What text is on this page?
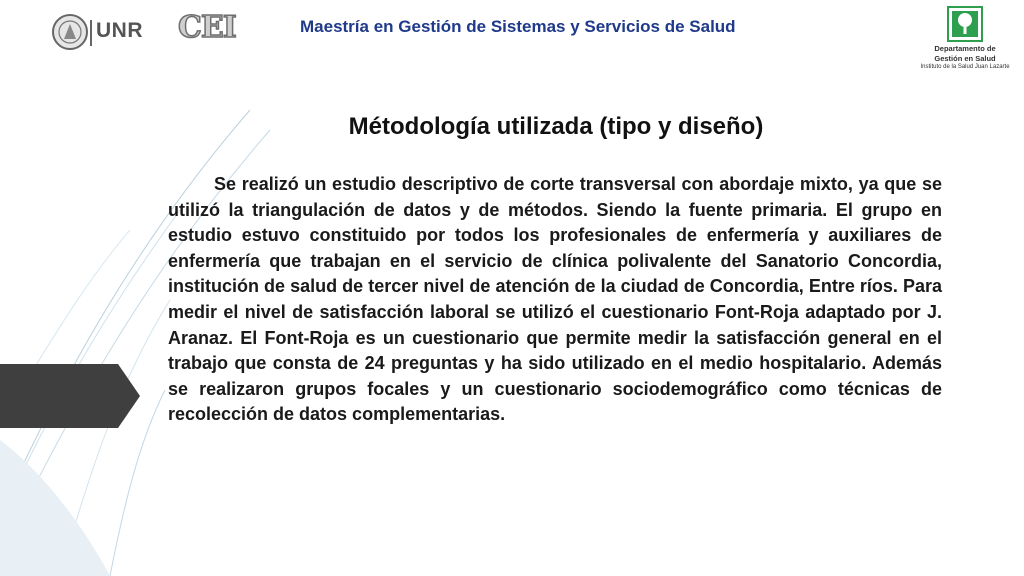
UNR CEI	Maestría en Gestión de Sistemas y Servicios de Salud
Departamento de
Gestión en Salud
Instituto de la Salud Juan Lazarte
Métodología utilizada (tipo y diseño)
Se realizó un estudio descriptivo de corte transversal con abordaje mixto, ya que se utilizó la triangulación de datos y de métodos. Siendo la fuente primaria. El grupo en estudio estuvo constituido por todos los profesionales de enfermería y auxiliares de enfermería que trabajan en el servicio de clínica polivalente del Sanatorio Concordia, institución de salud de tercer nivel de atención de la ciudad de Concordia, Entre ríos. Para medir el nivel de satisfacción laboral se utilizó el cuestionario Font-Roja adaptado por J. Aranaz. El Font-Roja es un cuestionario que permite medir la satisfacción general en el trabajo que consta de 24 preguntas y ha sido utilizado en el medio hospitalario. Además se realizaron grupos focales y un cuestionario sociodemográfico como técnicas de recolección de datos complementarias.
